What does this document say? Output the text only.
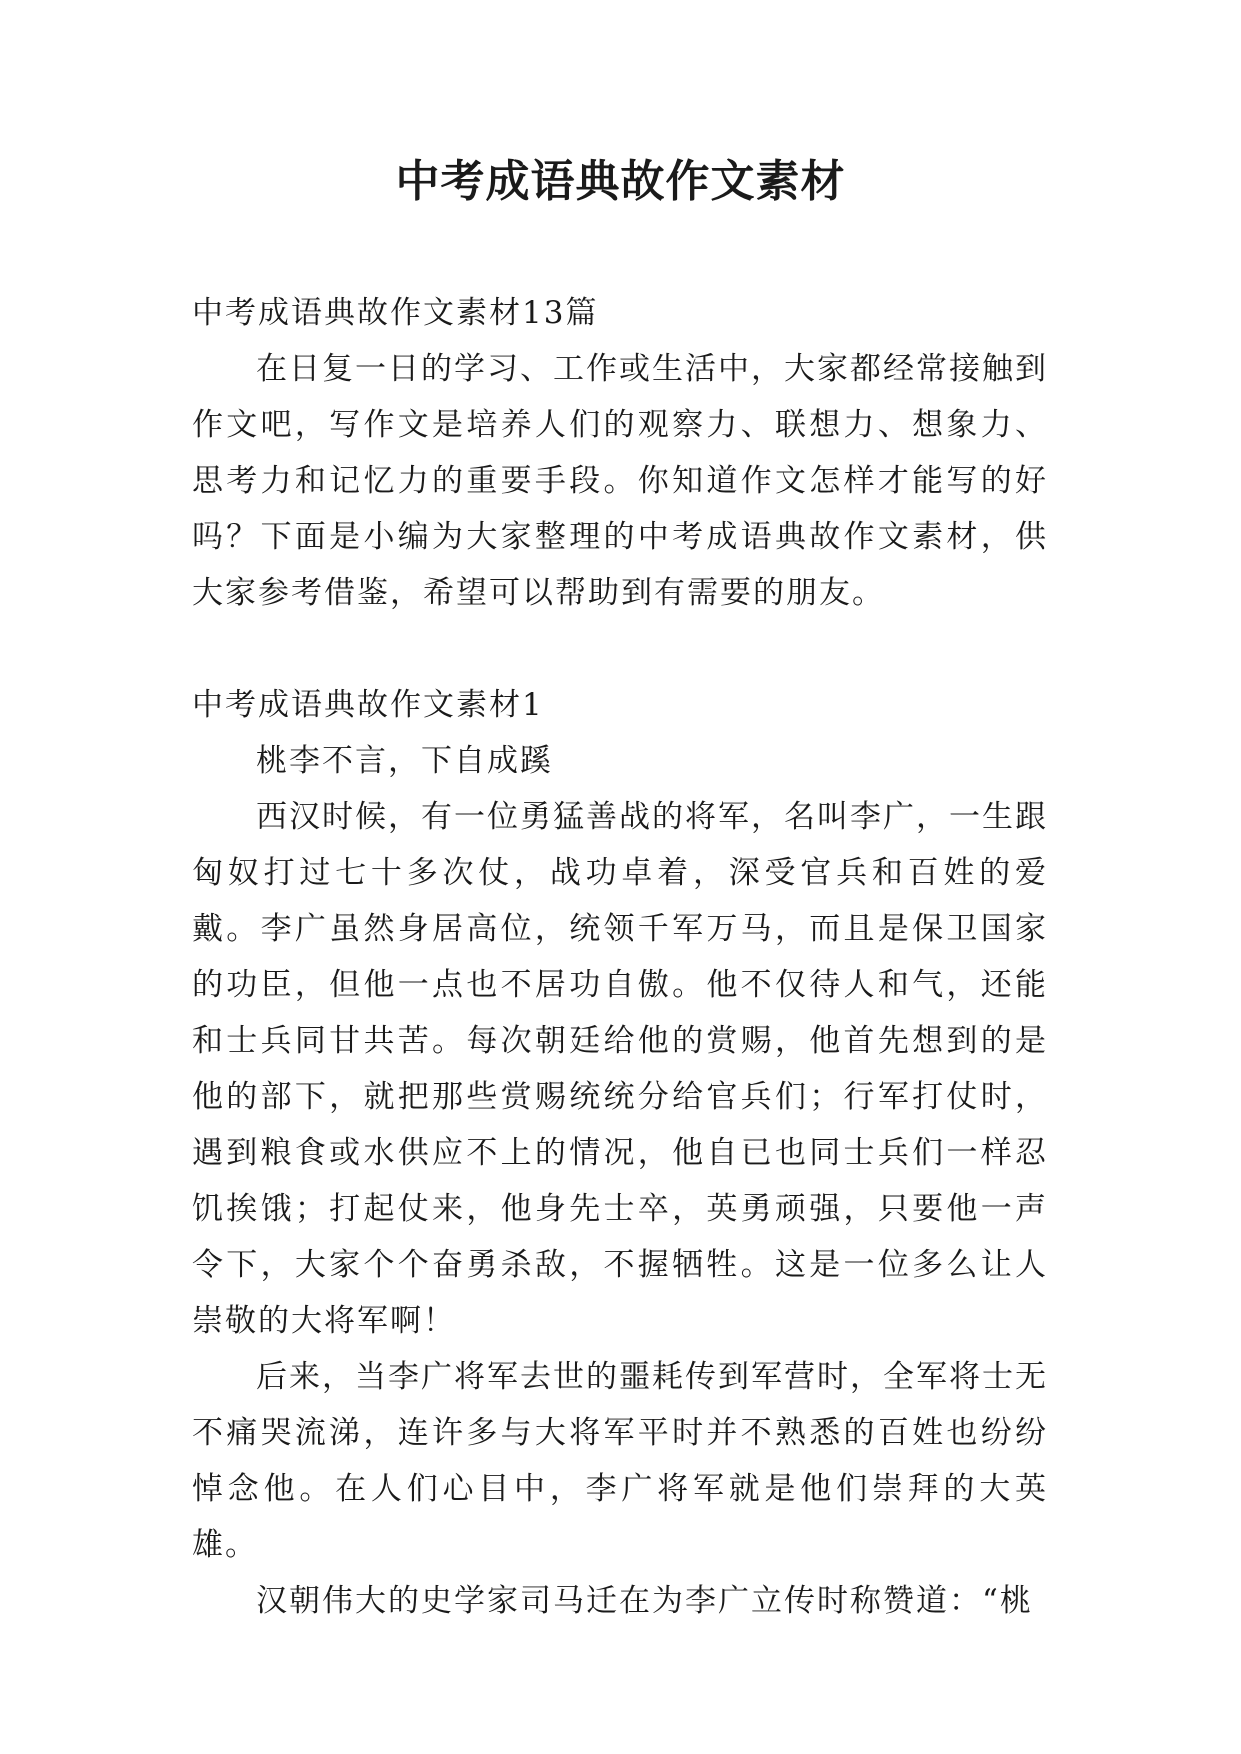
中考成语典故作文素材

中考成语典故作文素材13篇

在日复一日的学习、工作或生活中，大家都经常接触到作文吧，写作文是培养人们的观察力、联想力、想象力、思考力和记忆力的重要手段。你知道作文怎样才能写的好吗？下面是小编为大家整理的中考成语典故作文素材，供大家参考借鉴，希望可以帮助到有需要的朋友。

中考成语典故作文素材1

桃李不言，下自成蹊

西汉时候，有一位勇猛善战的将军，名叫李广，一生跟匈奴打过七十多次仗，战功卓着，深受官兵和百姓的爱戴。李广虽然身居高位，统领千军万马，而且是保卫国家的功臣，但他一点也不居功自傲。他不仅待人和气，还能和士兵同甘共苦。每次朝廷给他的赏赐，他首先想到的是他的部下，就把那些赏赐统统分给官兵们；行军打仗时，遇到粮食或水供应不上的情况，他自已也同士兵们一样忍饥挨饿；打起仗来，他身先士卒，英勇顽强，只要他一声令下，大家个个奋勇杀敌，不握牺牲。这是一位多么让人崇敬的大将军啊！

后来，当李广将军去世的噩耗传到军营时，全军将士无不痛哭流涕，连许多与大将军平时并不熟悉的百姓也纷纷悼念他。在人们心目中，李广将军就是他们崇拜的大英雄。

汉朝伟大的史学家司马迁在为李广立传时称赞道：“桃
